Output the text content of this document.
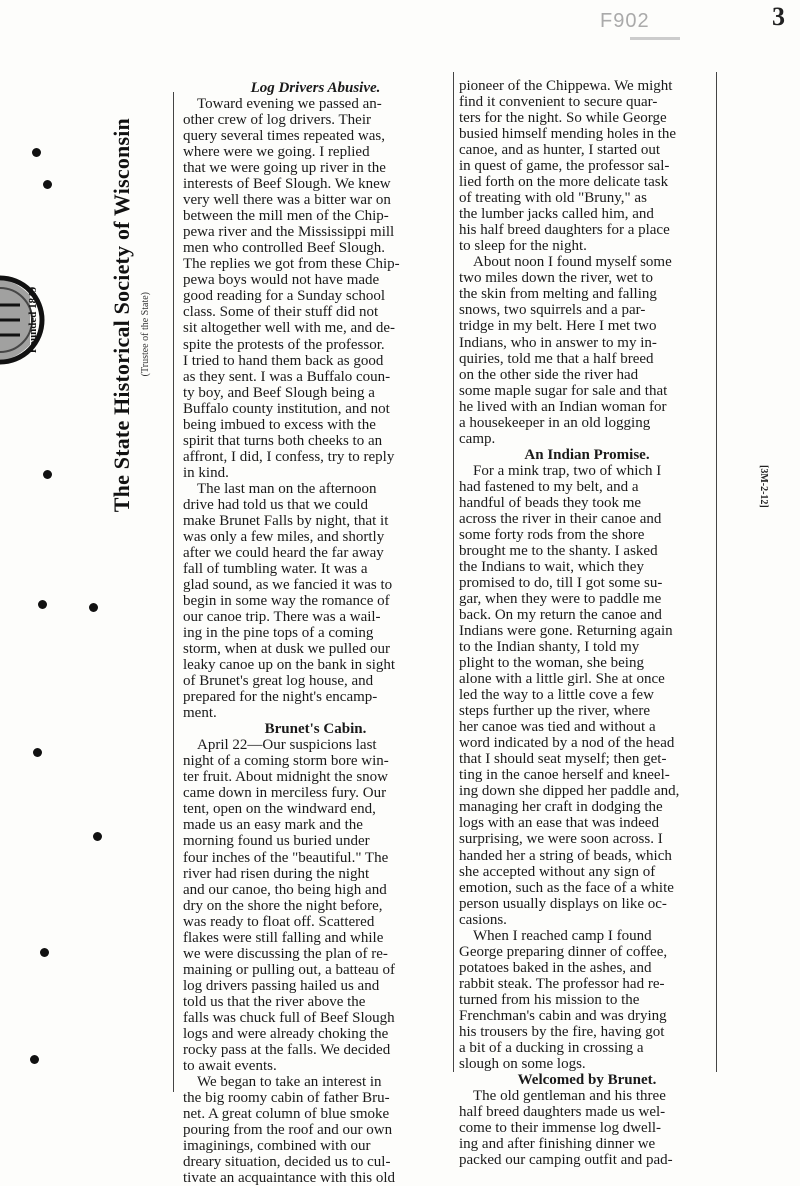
3
F902
Founded 1849	The State Historical Society of Wisconsin (Trustee of the State)
[3M-2-12]
Log Drivers Abusive.
Toward evening we passed an-
other crew of log drivers. Their
query several times repeated was,
where were we going. I replied
that we were going up river in the
interests of Beef Slough. We knew
very well there was a bitter war on
between the mill men of the Chip-
pewa river and the Mississippi mill
men who controlled Beef Slough.
The replies we got from these Chip-
pewa boys would not have made
good reading for a Sunday school
class. Some of their stuff did not
sit altogether well with me, and de-
spite the protests of the professor.
I tried to hand them back as good
as they sent. I was a Buffalo coun-
ty boy, and Beef Slough being a
Buffalo county institution, and not
being imbued to excess with the
spirit that turns both cheeks to an
affront, I did, I confess, try to reply
in kind.
The last man on the afternoon
drive had told us that we could
make Brunet Falls by night, that it
was only a few miles, and shortly
after we could heard the far away
fall of tumbling water. It was a
glad sound, as we fancied it was to
begin in some way the romance of
our canoe trip. There was a wail-
ing in the pine tops of a coming
storm, when at dusk we pulled our
leaky canoe up on the bank in sight
of Brunet's great log house, and
prepared for the night's encamp-
ment.
Brunet's Cabin.
April 22—Our suspicions last
night of a coming storm bore win-
ter fruit. About midnight the snow
came down in merciless fury. Our
tent, open on the windward end,
made us an easy mark and the
morning found us buried under
four inches of the "beautiful." The
river had risen during the night
and our canoe, tho being high and
dry on the shore the night before,
was ready to float off. Scattered
flakes were still falling and while
we were discussing the plan of re-
maining or pulling out, a batteau of
log drivers passing hailed us and
told us that the river above the
falls was chuck full of Beef Slough
logs and were already choking the
rocky pass at the falls. We decided
to await events.
We began to take an interest in
the big roomy cabin of father Bru-
net. A great column of blue smoke
pouring from the roof and our own
imaginings, combined with our
dreary situation, decided us to cul-
tivate an acquaintance with this old
pioneer of the Chippewa. We might
find it convenient to secure quar-
ters for the night. So while George
busied himself mending holes in the
canoe, and as hunter, I started out
in quest of game, the professor sal-
lied forth on the more delicate task
of treating with old "Bruny," as
the lumber jacks called him, and
his half breed daughters for a place
to sleep for the night.
About noon I found myself some
two miles down the river, wet to
the skin from melting and falling
snows, two squirrels and a par-
tridge in my belt. Here I met two
Indians, who in answer to my in-
quiries, told me that a half breed
on the other side the river had
some maple sugar for sale and that
he lived with an Indian woman for
a housekeeper in an old logging
camp.
An Indian Promise.
For a mink trap, two of which I
had fastened to my belt, and a
handful of beads they took me
across the river in their canoe and
some forty rods from the shore
brought me to the shanty. I asked
the Indians to wait, which they
promised to do, till I got some su-
gar, when they were to paddle me
back. On my return the canoe and
Indians were gone. Returning again
to the Indian shanty, I told my
plight to the woman, she being
alone with a little girl. She at once
led the way to a little cove a few
steps further up the river, where
her canoe was tied and without a
word indicated by a nod of the head
that I should seat myself; then get-
ting in the canoe herself and kneel-
ing down she dipped her paddle and,
managing her craft in dodging the
logs with an ease that was indeed
surprising, we were soon across. I
handed her a string of beads, which
she accepted without any sign of
emotion, such as the face of a white
person usually displays on like oc-
casions.
When I reached camp I found
George preparing dinner of coffee,
potatoes baked in the ashes, and
rabbit steak. The professor had re-
turned from his mission to the
Frenchman's cabin and was drying
his trousers by the fire, having got
a bit of a ducking in crossing a
slough on some logs.
Welcomed by Brunet.
The old gentleman and his three
half breed daughters made us wel-
come to their immense log dwell-
ing and after finishing dinner we
packed our camping outfit and pad-
